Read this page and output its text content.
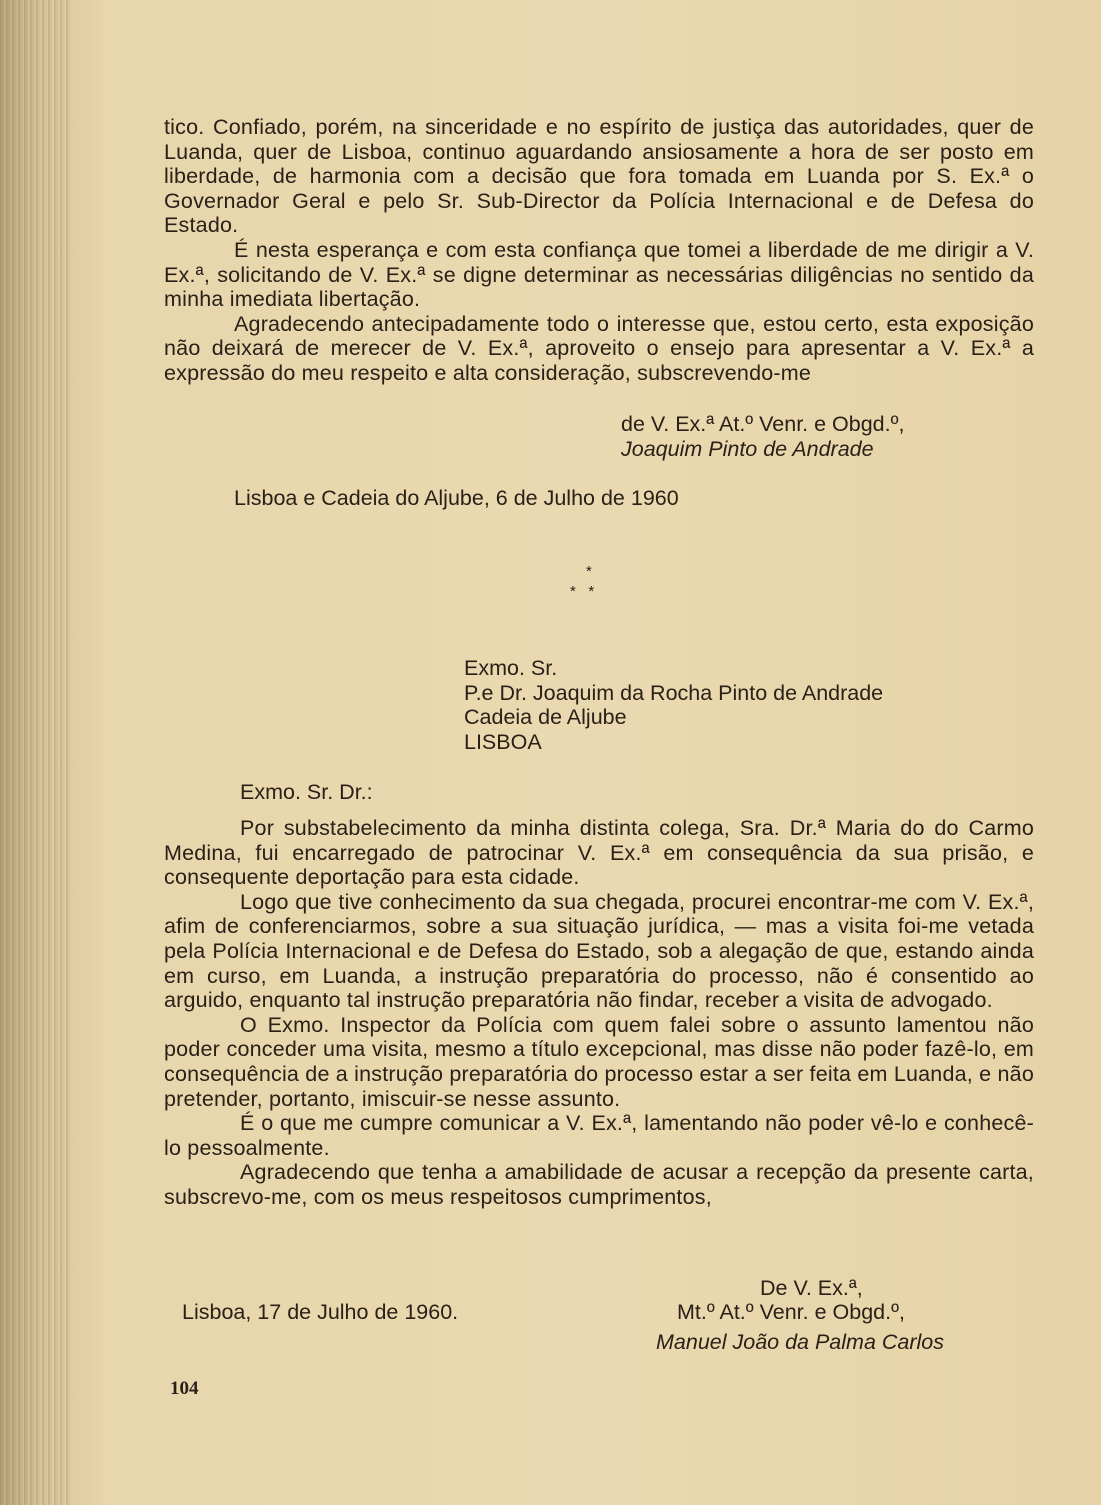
tico. Confiado, porém, na sinceridade e no espírito de justiça das autoridades, quer de Luanda, quer de Lisboa, continuo aguardando ansiosamente a hora de ser posto em liberdade, de harmonia com a decisão que fora tomada em Luanda por S. Ex.ª o Governador Geral e pelo Sr. Sub-Director da Polícia Internacional e de Defesa do Estado.

É nesta esperança e com esta confiança que tomei a liberdade de me dirigir a V. Ex.ª, solicitando de V. Ex.ª se digne determinar as necessárias diligências no sentido da minha imediata libertação.

Agradecendo antecipadamente todo o interesse que, estou certo, esta exposição não deixará de merecer de V. Ex.ª, aproveito o ensejo para apresentar a V. Ex.ª a expressão do meu respeito e alta consideração, subscrevendo-me

de V. Ex.ª At.º Venr. e Obgd.º,
Joaquim Pinto de Andrade
Lisboa e Cadeia do Aljube, 6 de Julho de 1960
*
*   *
Exmo. Sr.
P.e Dr. Joaquim da Rocha Pinto de Andrade
Cadeia de Aljube
LISBOA
Exmo. Sr. Dr.:

Por substabelecimento da minha distinta colega, Sra. Dr.ª Maria do do Carmo Medina, fui encarregado de patrocinar V. Ex.ª em consequência da sua prisão, e consequente deportação para esta cidade.

Logo que tive conhecimento da sua chegada, procurei encontrar-me com V. Ex.ª, afim de conferenciarmos, sobre a sua situação jurídica, — mas a visita foi-me vetada pela Polícia Internacional e de Defesa do Estado, sob a alegação de que, estando ainda em curso, em Luanda, a instrução preparatória do processo, não é consentido ao arguido, enquanto tal instrução preparatória não findar, receber a visita de advogado.

O Exmo. Inspector da Polícia com quem falei sobre o assunto lamentou não poder conceder uma visita, mesmo a título excepcional, mas disse não poder fazê-lo, em consequência de a instrução preparatória do processo estar a ser feita em Luanda, e não pretender, portanto, imiscuir-se nesse assunto.

É o que me cumpre comunicar a V. Ex.ª, lamentando não poder vê-lo e conhecê-lo pessoalmente.

Agradecendo que tenha a amabilidade de acusar a recepção da presente carta, subscrevo-me, com os meus respeitosos cumprimentos,

De V. Ex.ª,
Lisboa, 17 de Julho de 1960.	Mt.º At.º Venr. e Obgd.º,
Manuel João da Palma Carlos
104
